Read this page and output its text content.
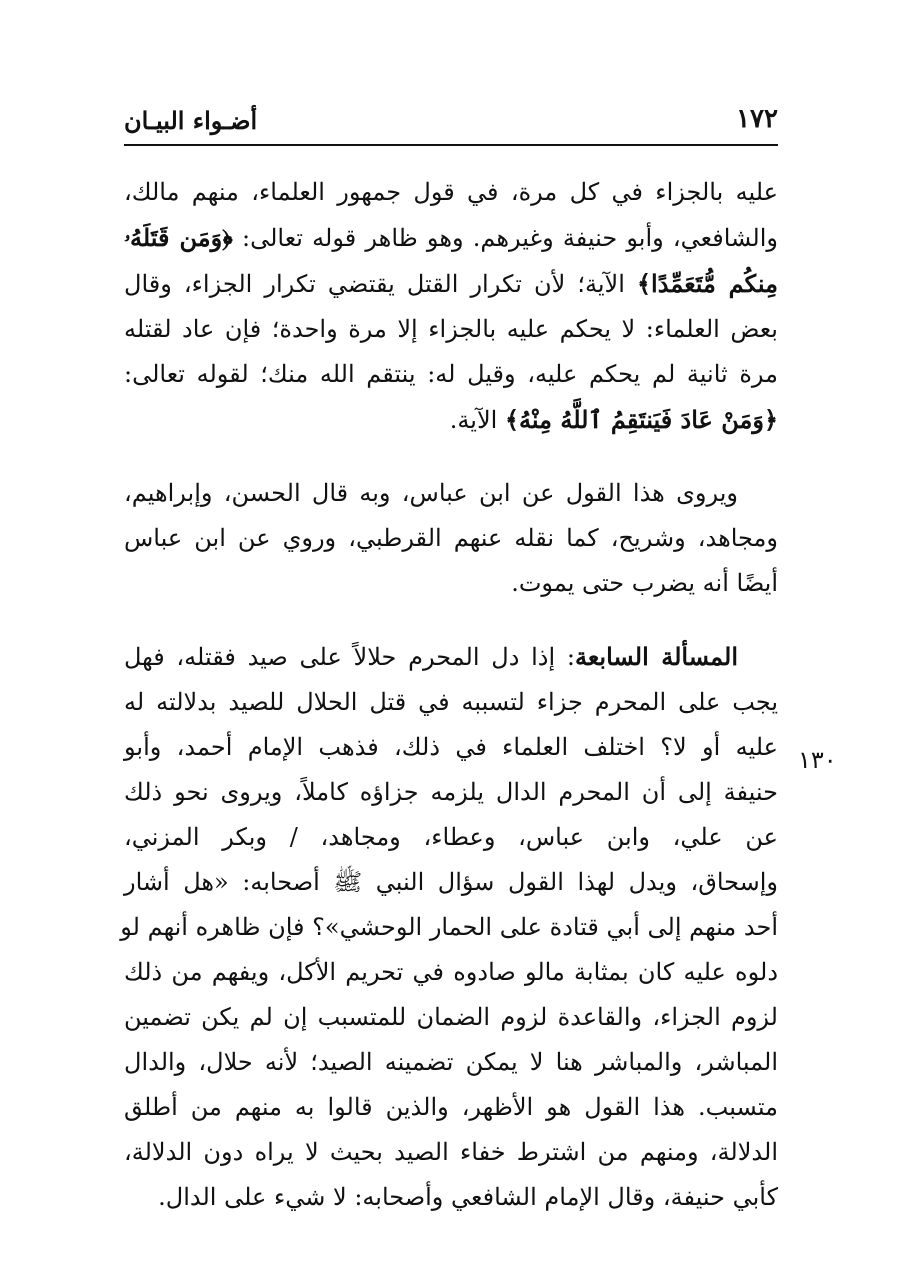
١٧٢
أضـواء البيـان
١٣٠

عليه بالجزاء في كل مرة، في قول جمهور العلماء، منهم مالك،
والشافعي، وأبو حنيفة وغيرهم. وهو ظاهر قوله تعالى: ﴿وَمَن قَتَلَهُۥ
مِنكُم مُّتَعَمِّدًا﴾ الآية؛ لأن تكرار القتل يقتضي تكرار الجزاء، وقال
بعض العلماء: لا يحكم عليه بالجزاء إلا مرة واحدة؛ فإن عاد لقتله
مرة ثانية لم يحكم عليه، وقيل له: ينتقم الله منك؛ لقوله تعالى:
﴿وَمَنْ عَادَ فَيَنتَقِمُ ٱللَّهُ مِنْهُ﴾ الآية.

ويروى هذا القول عن ابن عباس، وبه قال الحسن، وإبراهيم،
ومجاهد، وشريح، كما نقله عنهم القرطبي، وروي عن ابن عباس
أيضًا أنه يضرب حتى يموت.

المسألة السابعة: إذا دل المحرم حلالاً على صيد فقتله، فهل
يجب على المحرم جزاء لتسببه في قتل الحلال للصيد بدلالته له
عليه أو لا؟ اختلف العلماء في ذلك، فذهب الإمام أحمد، وأبو
حنيفة إلى أن المحرم الدال يلزمه جزاؤه كاملاً، ويروى نحو ذلك
عن علي، وابن عباس، وعطاء، ومجاهد، / وبكر المزني،
وإسحاق، ويدل لهذا القول سؤال النبي ﷺ أصحابه: «هل أشار
أحد منهم إلى أبي قتادة على الحمار الوحشي»؟ فإن ظاهره أنهم لو
دلوه عليه كان بمثابة مالو صادوه في تحريم الأكل، ويفهم من ذلك
لزوم الجزاء، والقاعدة لزوم الضمان للمتسبب إن لم يكن تضمين
المباشر، والمباشر هنا لا يمكن تضمينه الصيد؛ لأنه حلال، والدال
متسبب. هذا القول هو الأظهر، والذين قالوا به منهم من أطلق
الدلالة، ومنهم من اشترط خفاء الصيد بحيث لا يراه دون الدلالة،
كأبي حنيفة، وقال الإمام الشافعي وأصحابه: لا شيء على الدال.
